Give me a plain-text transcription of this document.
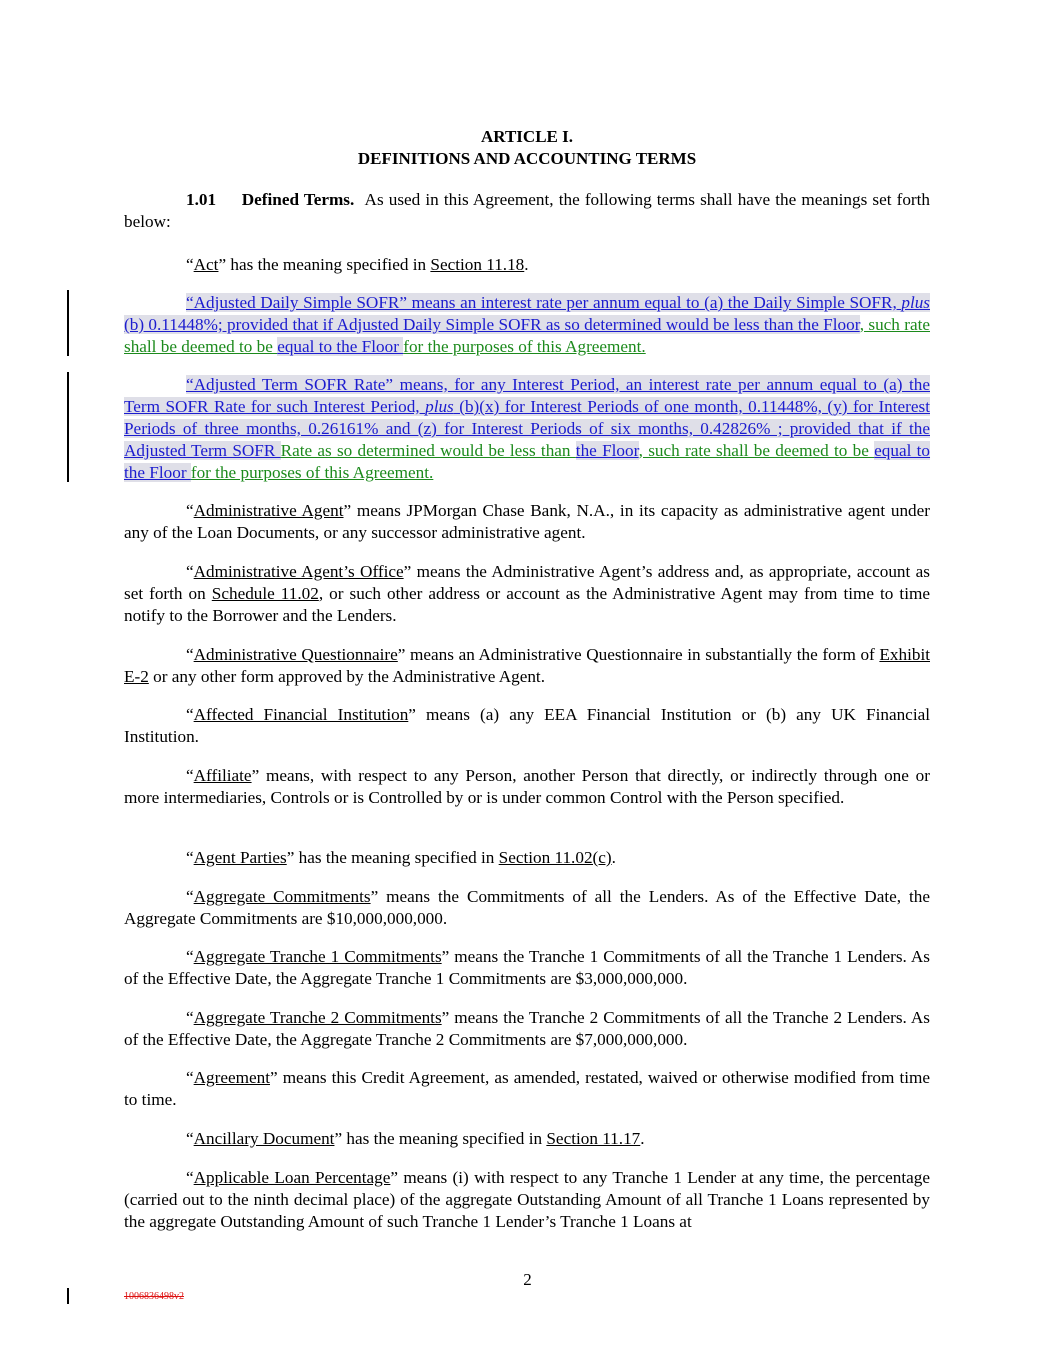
ARTICLE I.
DEFINITIONS AND ACCOUNTING TERMS

1.01 Defined Terms. As used in this Agreement, the following terms shall have the meanings set forth below:

“Act” has the meaning specified in Section 11.18.

“Adjusted Daily Simple SOFR” means an interest rate per annum equal to (a) the Daily Simple SOFR, plus (b) 0.11448%; provided that if Adjusted Daily Simple SOFR as so determined would be less than the Floor, such rate shall be deemed to be equal to the Floor for the purposes of this Agreement.

“Adjusted Term SOFR Rate” means, for any Interest Period, an interest rate per annum equal to (a) the Term SOFR Rate for such Interest Period, plus (b)(x) for Interest Periods of one month, 0.11448%, (y) for Interest Periods of three months, 0.26161% and (z) for Interest Periods of six months, 0.42826% ; provided that if the Adjusted Term SOFR Rate as so determined would be less than the Floor, such rate shall be deemed to be equal to the Floor for the purposes of this Agreement.

“Administrative Agent” means JPMorgan Chase Bank, N.A., in its capacity as administrative agent under any of the Loan Documents, or any successor administrative agent.

“Administrative Agent’s Office” means the Administrative Agent’s address and, as appropriate, account as set forth on Schedule 11.02, or such other address or account as the Administrative Agent may from time to time notify to the Borrower and the Lenders.

“Administrative Questionnaire” means an Administrative Questionnaire in substantially the form of Exhibit E-2 or any other form approved by the Administrative Agent.

“Affected Financial Institution” means (a) any EEA Financial Institution or (b) any UK Financial Institution.

“Affiliate” means, with respect to any Person, another Person that directly, or indirectly through one or more intermediaries, Controls or is Controlled by or is under common Control with the Person specified.

“Agent Parties” has the meaning specified in Section 11.02(c).

“Aggregate Commitments” means the Commitments of all the Lenders. As of the Effective Date, the Aggregate Commitments are $10,000,000,000.

“Aggregate Tranche 1 Commitments” means the Tranche 1 Commitments of all the Tranche 1 Lenders. As of the Effective Date, the Aggregate Tranche 1 Commitments are $3,000,000,000.

“Aggregate Tranche 2 Commitments” means the Tranche 2 Commitments of all the Tranche 2 Lenders. As of the Effective Date, the Aggregate Tranche 2 Commitments are $7,000,000,000.

“Agreement” means this Credit Agreement, as amended, restated, waived or otherwise modified from time to time.

“Ancillary Document” has the meaning specified in Section 11.17.

“Applicable Loan Percentage” means (i) with respect to any Tranche 1 Lender at any time, the percentage (carried out to the ninth decimal place) of the aggregate Outstanding Amount of all Tranche 1 Loans represented by the aggregate Outstanding Amount of such Tranche 1 Lender’s Tranche 1 Loans at

2
1006836498v2
